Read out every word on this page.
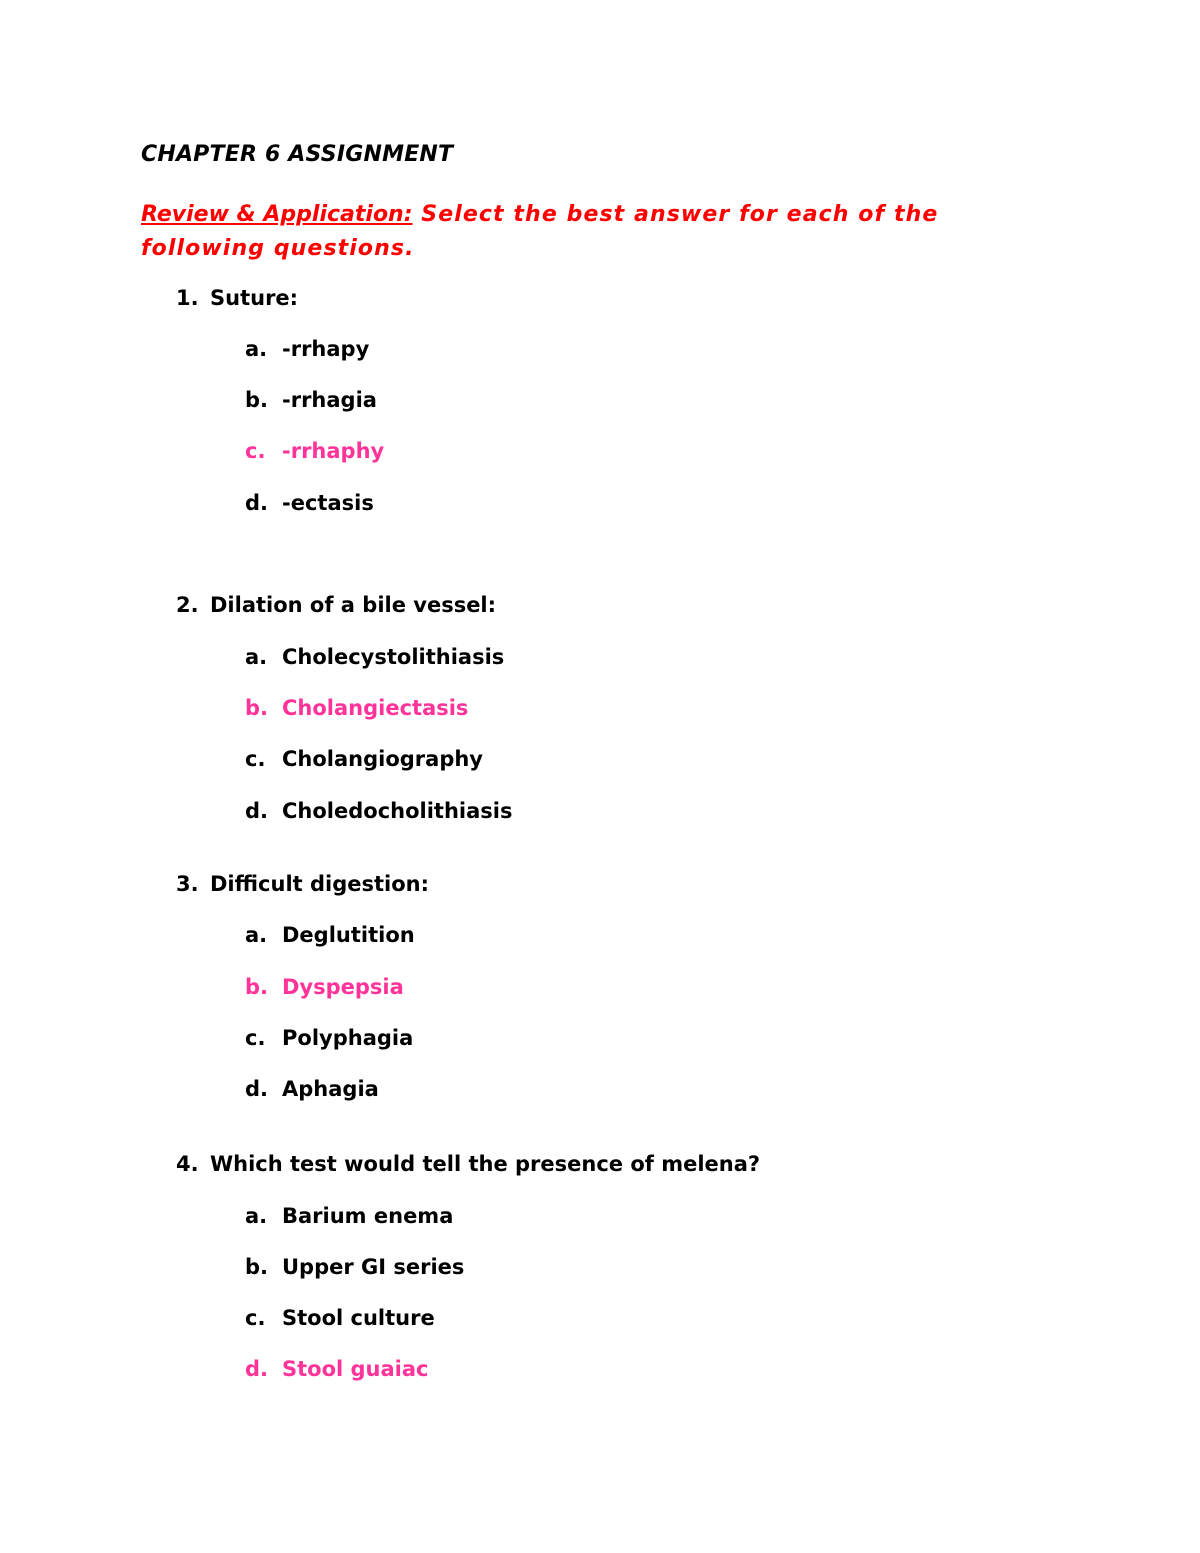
CHAPTER 6 ASSIGNMENT
Review & Application: Select the best answer for each of the following questions.
1. Suture:
a. -rrhapy
b. -rrhagia
c. -rrhaphy
d. -ectasis
2. Dilation of a bile vessel:
a. Cholecystolithiasis
b. Cholangiectasis
c. Cholangiography
d. Choledocholithiasis
3. Difficult digestion:
a. Deglutition
b. Dyspepsia
c. Polyphagia
d. Aphagia
4. Which test would tell the presence of melena?
a. Barium enema
b. Upper GI series
c. Stool culture
d. Stool guaiac
